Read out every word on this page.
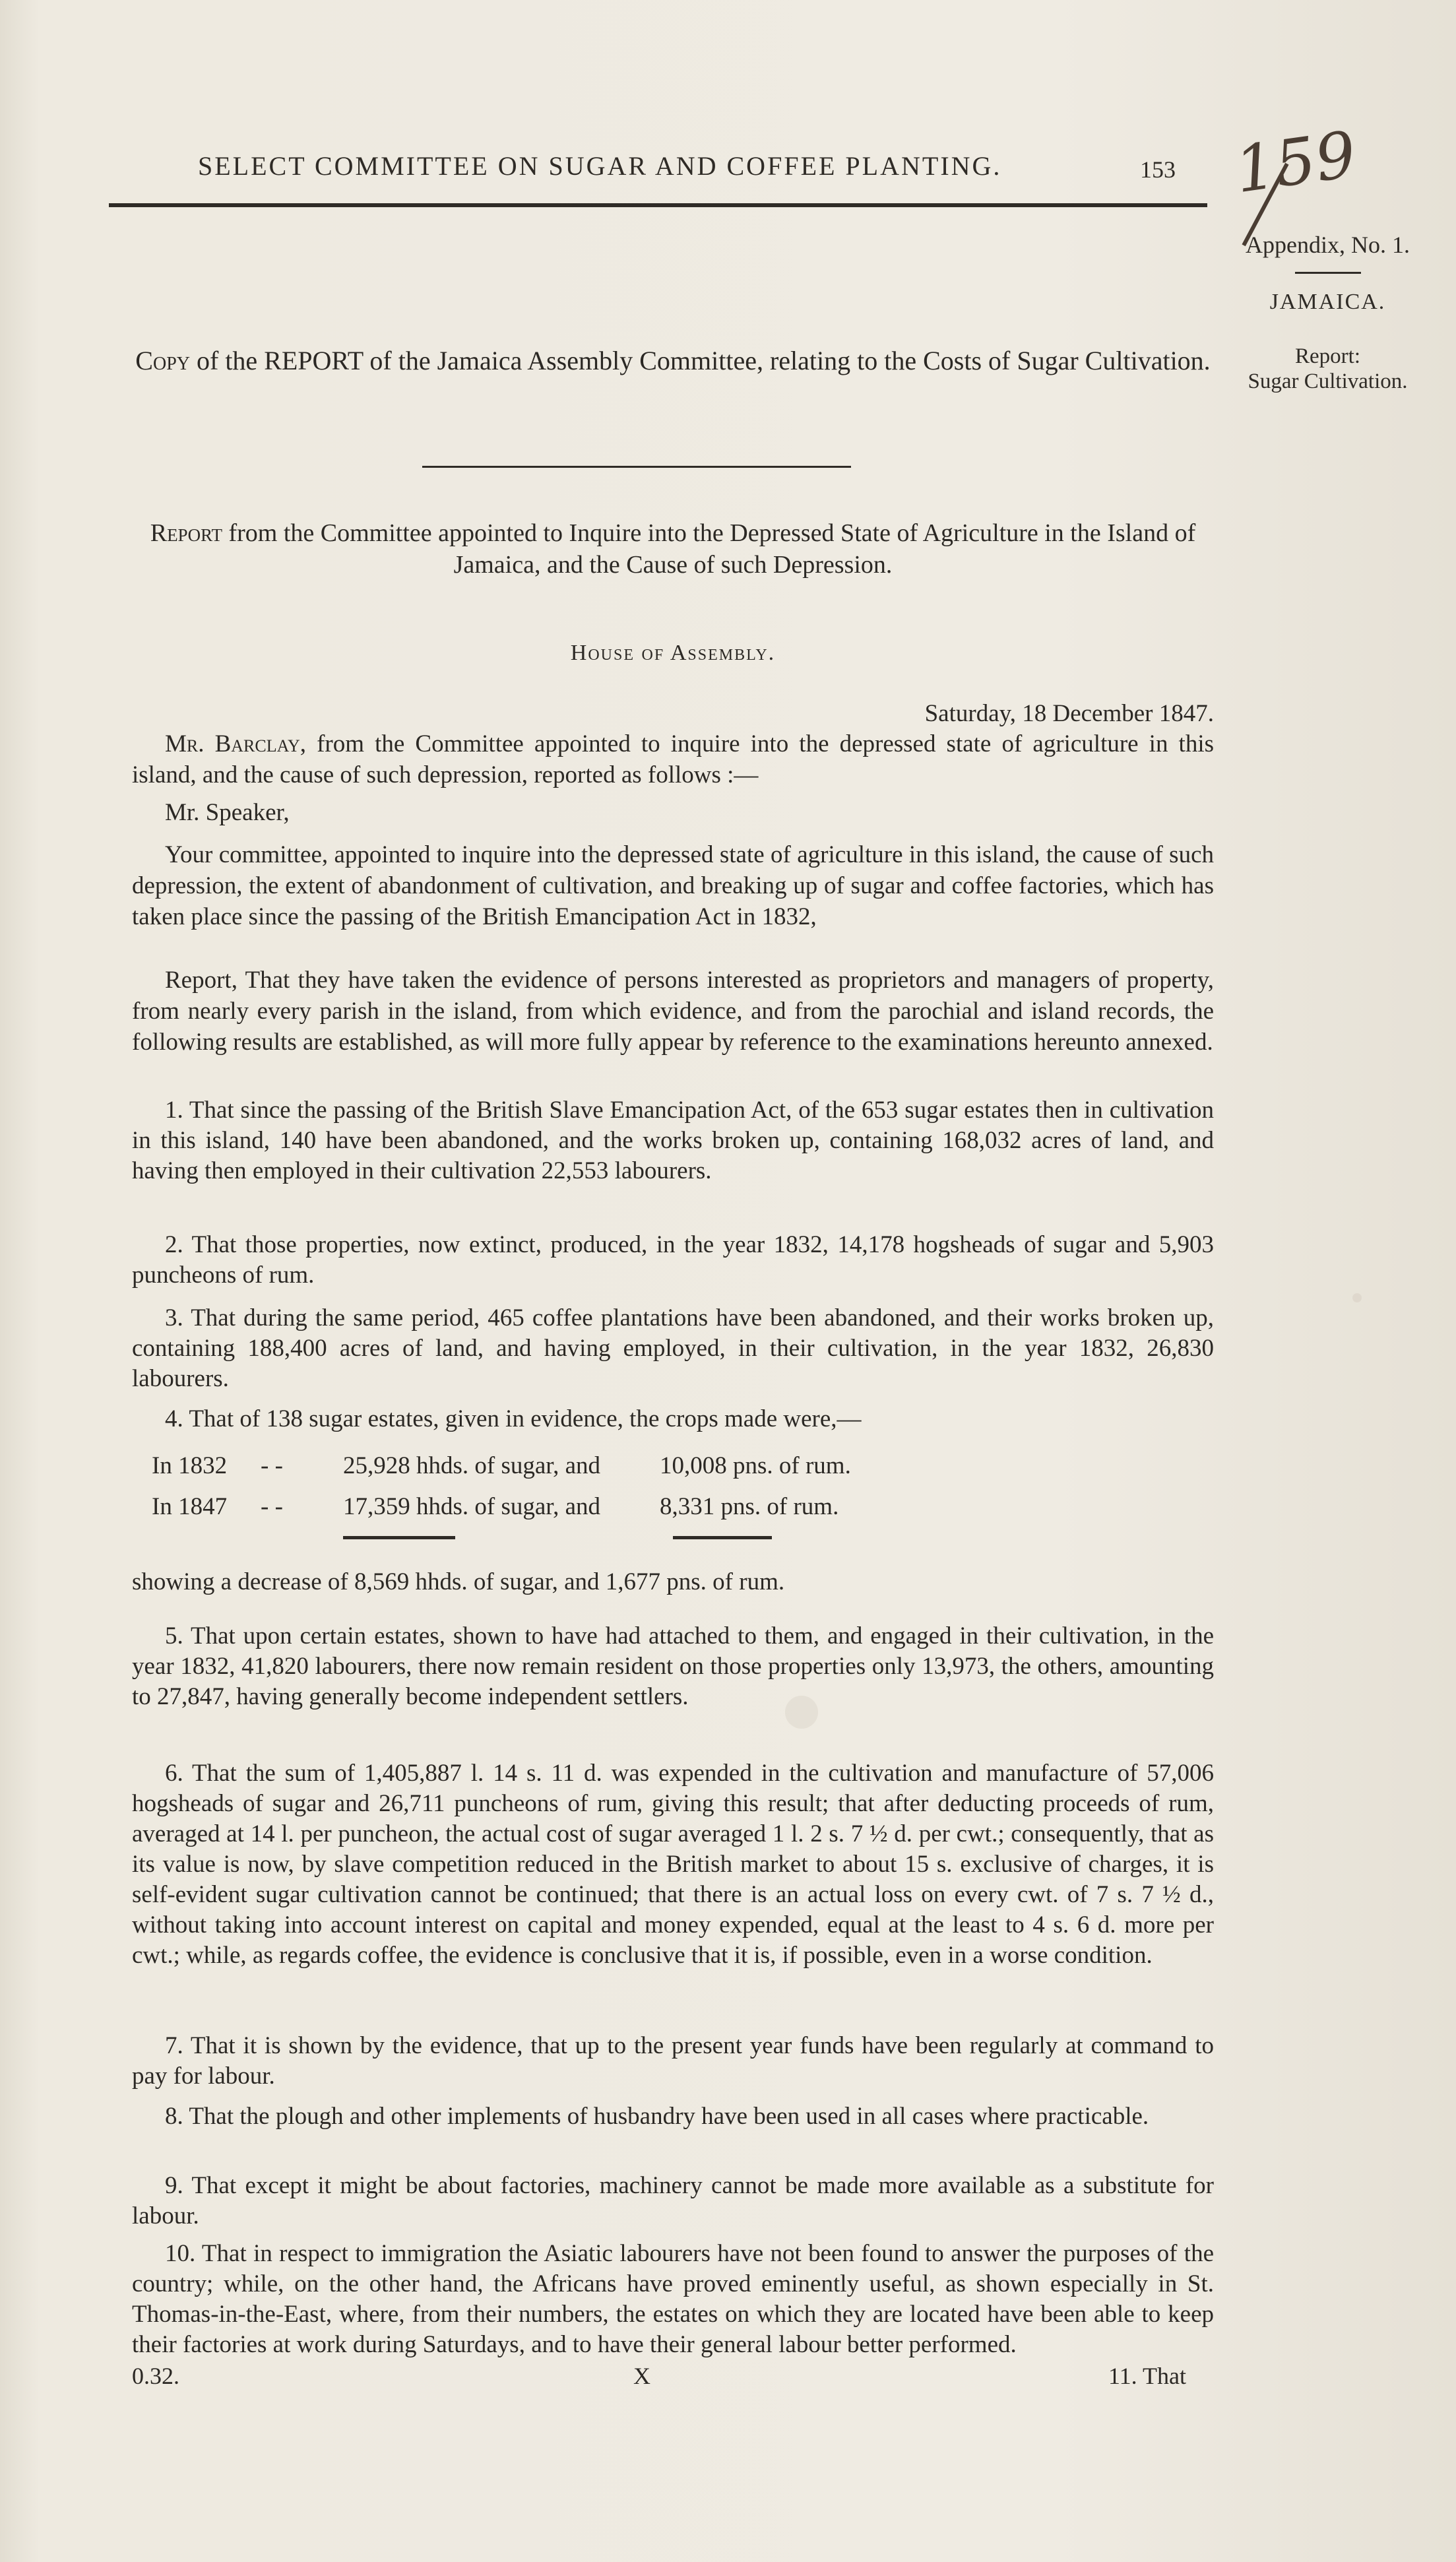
SELECT COMMITTEE ON SUGAR AND COFFEE PLANTING.	153 159
Appendix, No. 1.
JAMAICA.
Report:
Sugar Cultivation.
Copy of the REPORT of the Jamaica Assembly Committee, relating to the Costs of Sugar Cultivation.
Report from the Committee appointed to Inquire into the Depressed State of Agriculture in the Island of Jamaica, and the Cause of such Depression.
House of Assembly.
Saturday, 18 December 1847.
Mr. Barclay, from the Committee appointed to inquire into the depressed state of agriculture in this island, and the cause of such depression, reported as follows :—
Mr. Speaker,
Your committee, appointed to inquire into the depressed state of agriculture in this island, the cause of such depression, the extent of abandonment of cultivation, and breaking up of sugar and coffee factories, which has taken place since the passing of the British Emancipation Act in 1832,
Report, That they have taken the evidence of persons interested as proprietors and managers of property, from nearly every parish in the island, from which evidence, and from the parochial and island records, the following results are established, as will more fully appear by reference to the examinations hereunto annexed.
1. That since the passing of the British Slave Emancipation Act, of the 653 sugar estates then in cultivation in this island, 140 have been abandoned, and the works broken up, containing 168,032 acres of land, and having then employed in their cultivation 22,553 labourers.
2. That those properties, now extinct, produced, in the year 1832, 14,178 hogsheads of sugar and 5,903 puncheons of rum.
3. That during the same period, 465 coffee plantations have been abandoned, and their works broken up, containing 188,400 acres of land, and having employed, in their cultivation, in the year 1832, 26,830 labourers.
4. That of 138 sugar estates, given in evidence, the crops made were,—
In 1832 - - 25,928 hhds. of sugar, and 10,008 pns. of rum.
In 1847 - - 17,359 hhds. of sugar, and 8,331 pns. of rum.
showing a decrease of 8,569 hhds. of sugar, and 1,677 pns. of rum.
5. That upon certain estates, shown to have had attached to them, and engaged in their cultivation, in the year 1832, 41,820 labourers, there now remain resident on those properties only 13,973, the others, amounting to 27,847, having generally become independent settlers.
6. That the sum of 1,405,887 l. 14 s. 11 d. was expended in the cultivation and manufacture of 57,006 hogsheads of sugar and 26,711 puncheons of rum, giving this result; that after deducting proceeds of rum, averaged at 14 l. per puncheon, the actual cost of sugar averaged 1 l. 2 s. 7 ½ d. per cwt.; consequently, that as its value is now, by slave competition reduced in the British market to about 15 s. exclusive of charges, it is self-evident sugar cultivation cannot be continued; that there is an actual loss on every cwt. of 7 s. 7 ½ d., without taking into account interest on capital and money expended, equal at the least to 4 s. 6 d. more per cwt.; while, as regards coffee, the evidence is conclusive that it is, if possible, even in a worse condition.
7. That it is shown by the evidence, that up to the present year funds have been regularly at command to pay for labour.
8. That the plough and other implements of husbandry have been used in all cases where practicable.
9. That except it might be about factories, machinery cannot be made more available as a substitute for labour.
10. That in respect to immigration the Asiatic labourers have not been found to answer the purposes of the country; while, on the other hand, the Africans have proved eminently useful, as shown especially in St. Thomas-in-the-East, where, from their numbers, the estates on which they are located have been able to keep their factories at work during Saturdays, and to have their general labour better performed.
0.32.	X	11. That
